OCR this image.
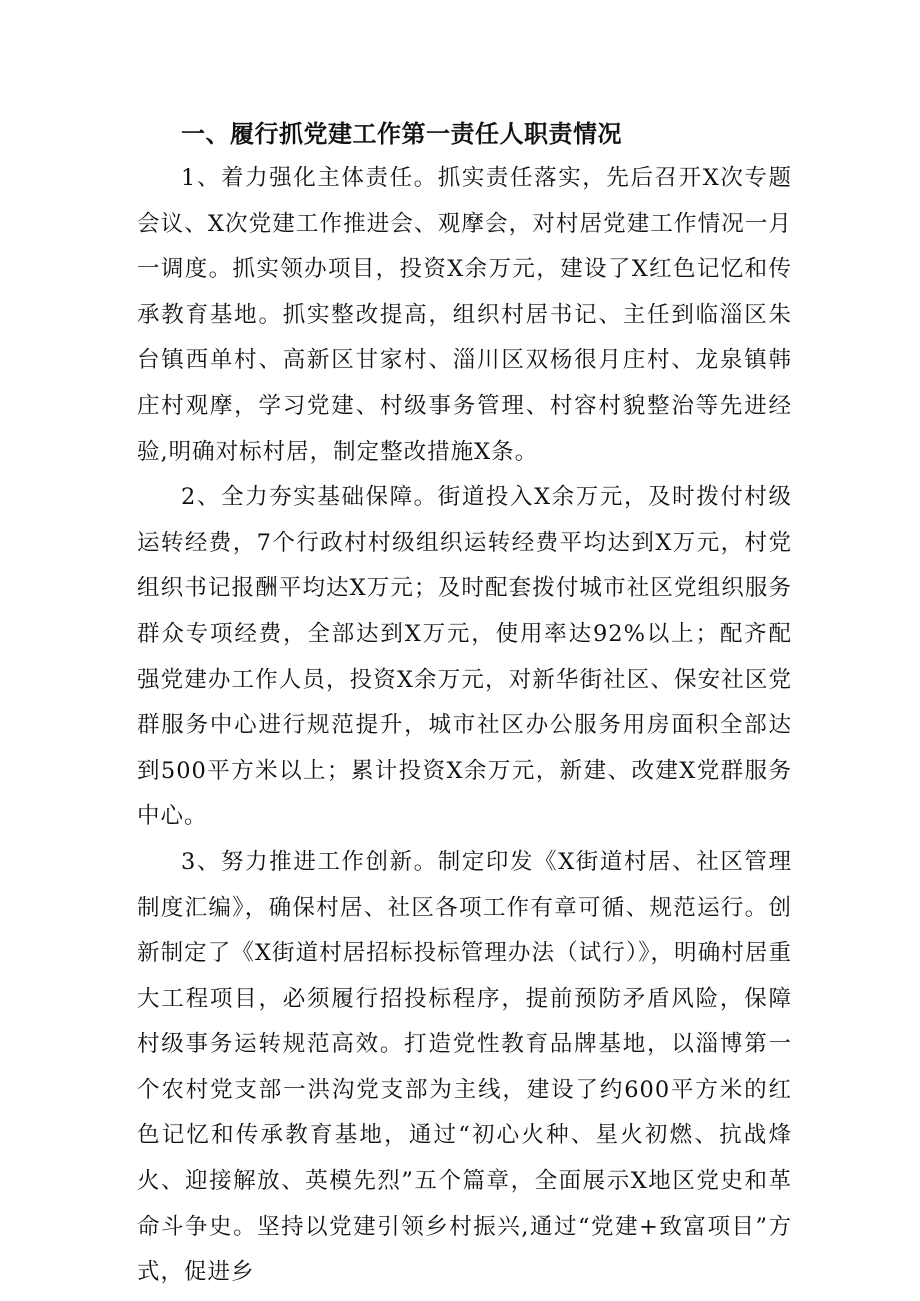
一、履行抓党建工作第一责任人职责情况

1、着力强化主体责任。抓实责任落实，先后召开X次专题会议、X次党建工作推进会、观摩会，对村居党建工作情况一月一调度。抓实领办项目，投资X余万元，建设了X红色记忆和传承教育基地。抓实整改提高，组织村居书记、主任到临淄区朱台镇西单村、高新区甘家村、淄川区双杨很月庄村、龙泉镇韩庄村观摩，学习党建、村级事务管理、村容村貌整治等先进经验,明确对标村居，制定整改措施X条。

2、全力夯实基础保障。街道投入X余万元，及时拨付村级运转经费，7个行政村村级组织运转经费平均达到X万元，村党组织书记报酬平均达X万元；及时配套拨付城市社区党组织服务群众专项经费，全部达到X万元，使用率达92%以上；配齐配强党建办工作人员，投资X余万元，对新华街社区、保安社区党群服务中心进行规范提升，城市社区办公服务用房面积全部达到500平方米以上；累计投资X余万元，新建、改建X党群服务中心。

3、努力推进工作创新。制定印发《X街道村居、社区管理制度汇编》，确保村居、社区各项工作有章可循、规范运行。创新制定了《X街道村居招标投标管理办法（试行）》，明确村居重大工程项目，必须履行招投标程序，提前预防矛盾风险，保障村级事务运转规范高效。打造党性教育品牌基地，以淄博第一个农村党支部一洪沟党支部为主线，建设了约600平方米的红色记忆和传承教育基地，通过“初心火种、星火初燃、抗战烽火、迎接解放、英模先烈”五个篇章，全面展示X地区党史和革命斗争史。坚持以党建引领乡村振兴,通过“党建+致富项目”方式，促进乡
